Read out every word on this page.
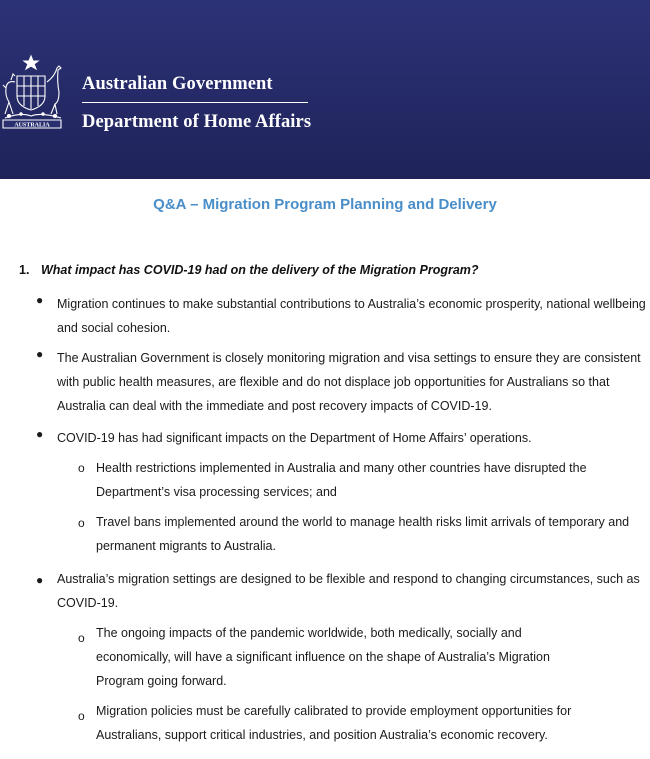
AUSTRALIA
Australian Government
Department of Home Affairs
Q&A – Migration Program Planning and Delivery
1. What impact has COVID-19 had on the delivery of the Migration Program?
● Migration continues to make substantial contributions to Australia’s economic prosperity, national wellbeing
and social cohesion.
● The Australian Government is closely monitoring migration and visa settings to ensure they are consistent
with public health measures, are flexible and do not displace job opportunities for Australians so that
Australia can deal with the immediate and post recovery impacts of COVID-19.
● COVID-19 has had significant impacts on the Department of Home Affairs’ operations.
o Health restrictions implemented in Australia and many other countries have disrupted the
Department’s visa processing services; and
o Travel bans implemented around the world to manage health risks limit arrivals of temporary and
permanent migrants to Australia.
● Australia’s migration settings are designed to be flexible and respond to changing circumstances, such as
COVID-19.
o The ongoing impacts of the pandemic worldwide, both medically, socially and
economically, will have a significant influence on the shape of Australia’s Migration
Program going forward.
o Migration policies must be carefully calibrated to provide employment opportunities for
Australians, support critical industries, and position Australia’s economic recovery.
